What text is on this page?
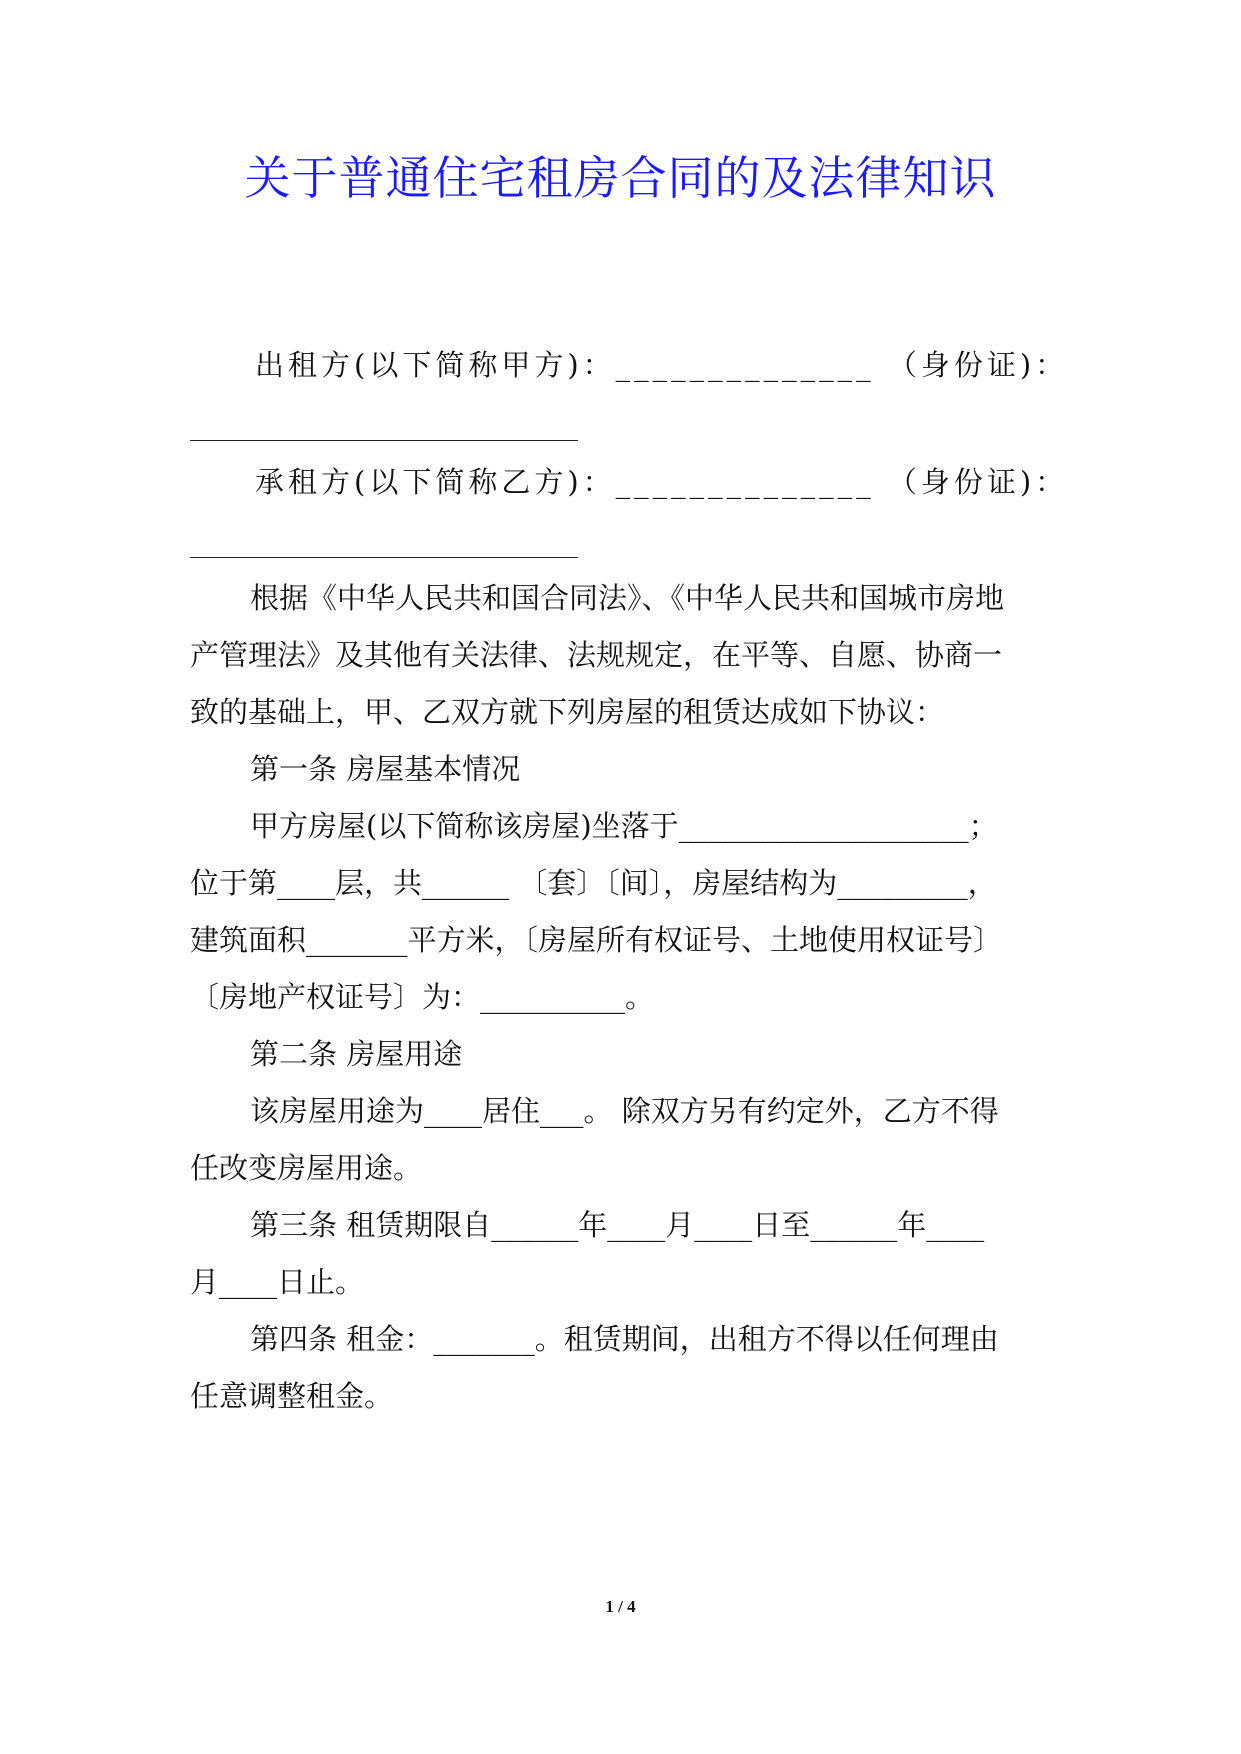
关于普通住宅租房合同的及法律知识
出租方(以下简称甲方)：______________ （身份证)：
承租方(以下简称乙方)：______________ （身份证)：
根据《中华人民共和国合同法》、《中华人民共和国城市房地
产管理法》及其他有关法律、法规规定，在平等、自愿、协商一
致的基础上，甲、乙双方就下列房屋的租赁达成如下协议：
第一条 房屋基本情况
甲方房屋(以下简称该房屋)坐落于____________________；
位于第____层，共______ 〔套〕〔间〕，房屋结构为_________，
建筑面积_______平方米，〔房屋所有权证号、土地使用权证号〕
〔房地产权证号〕为：__________。
第二条 房屋用途
该房屋用途为____居住___。 除双方另有约定外，乙方不得
任改变房屋用途。
第三条 租赁期限自______年____月____日至______年____
月____日止。
第四条 租金：_______。租赁期间，出租方不得以任何理由
任意调整租金。
1 / 4
